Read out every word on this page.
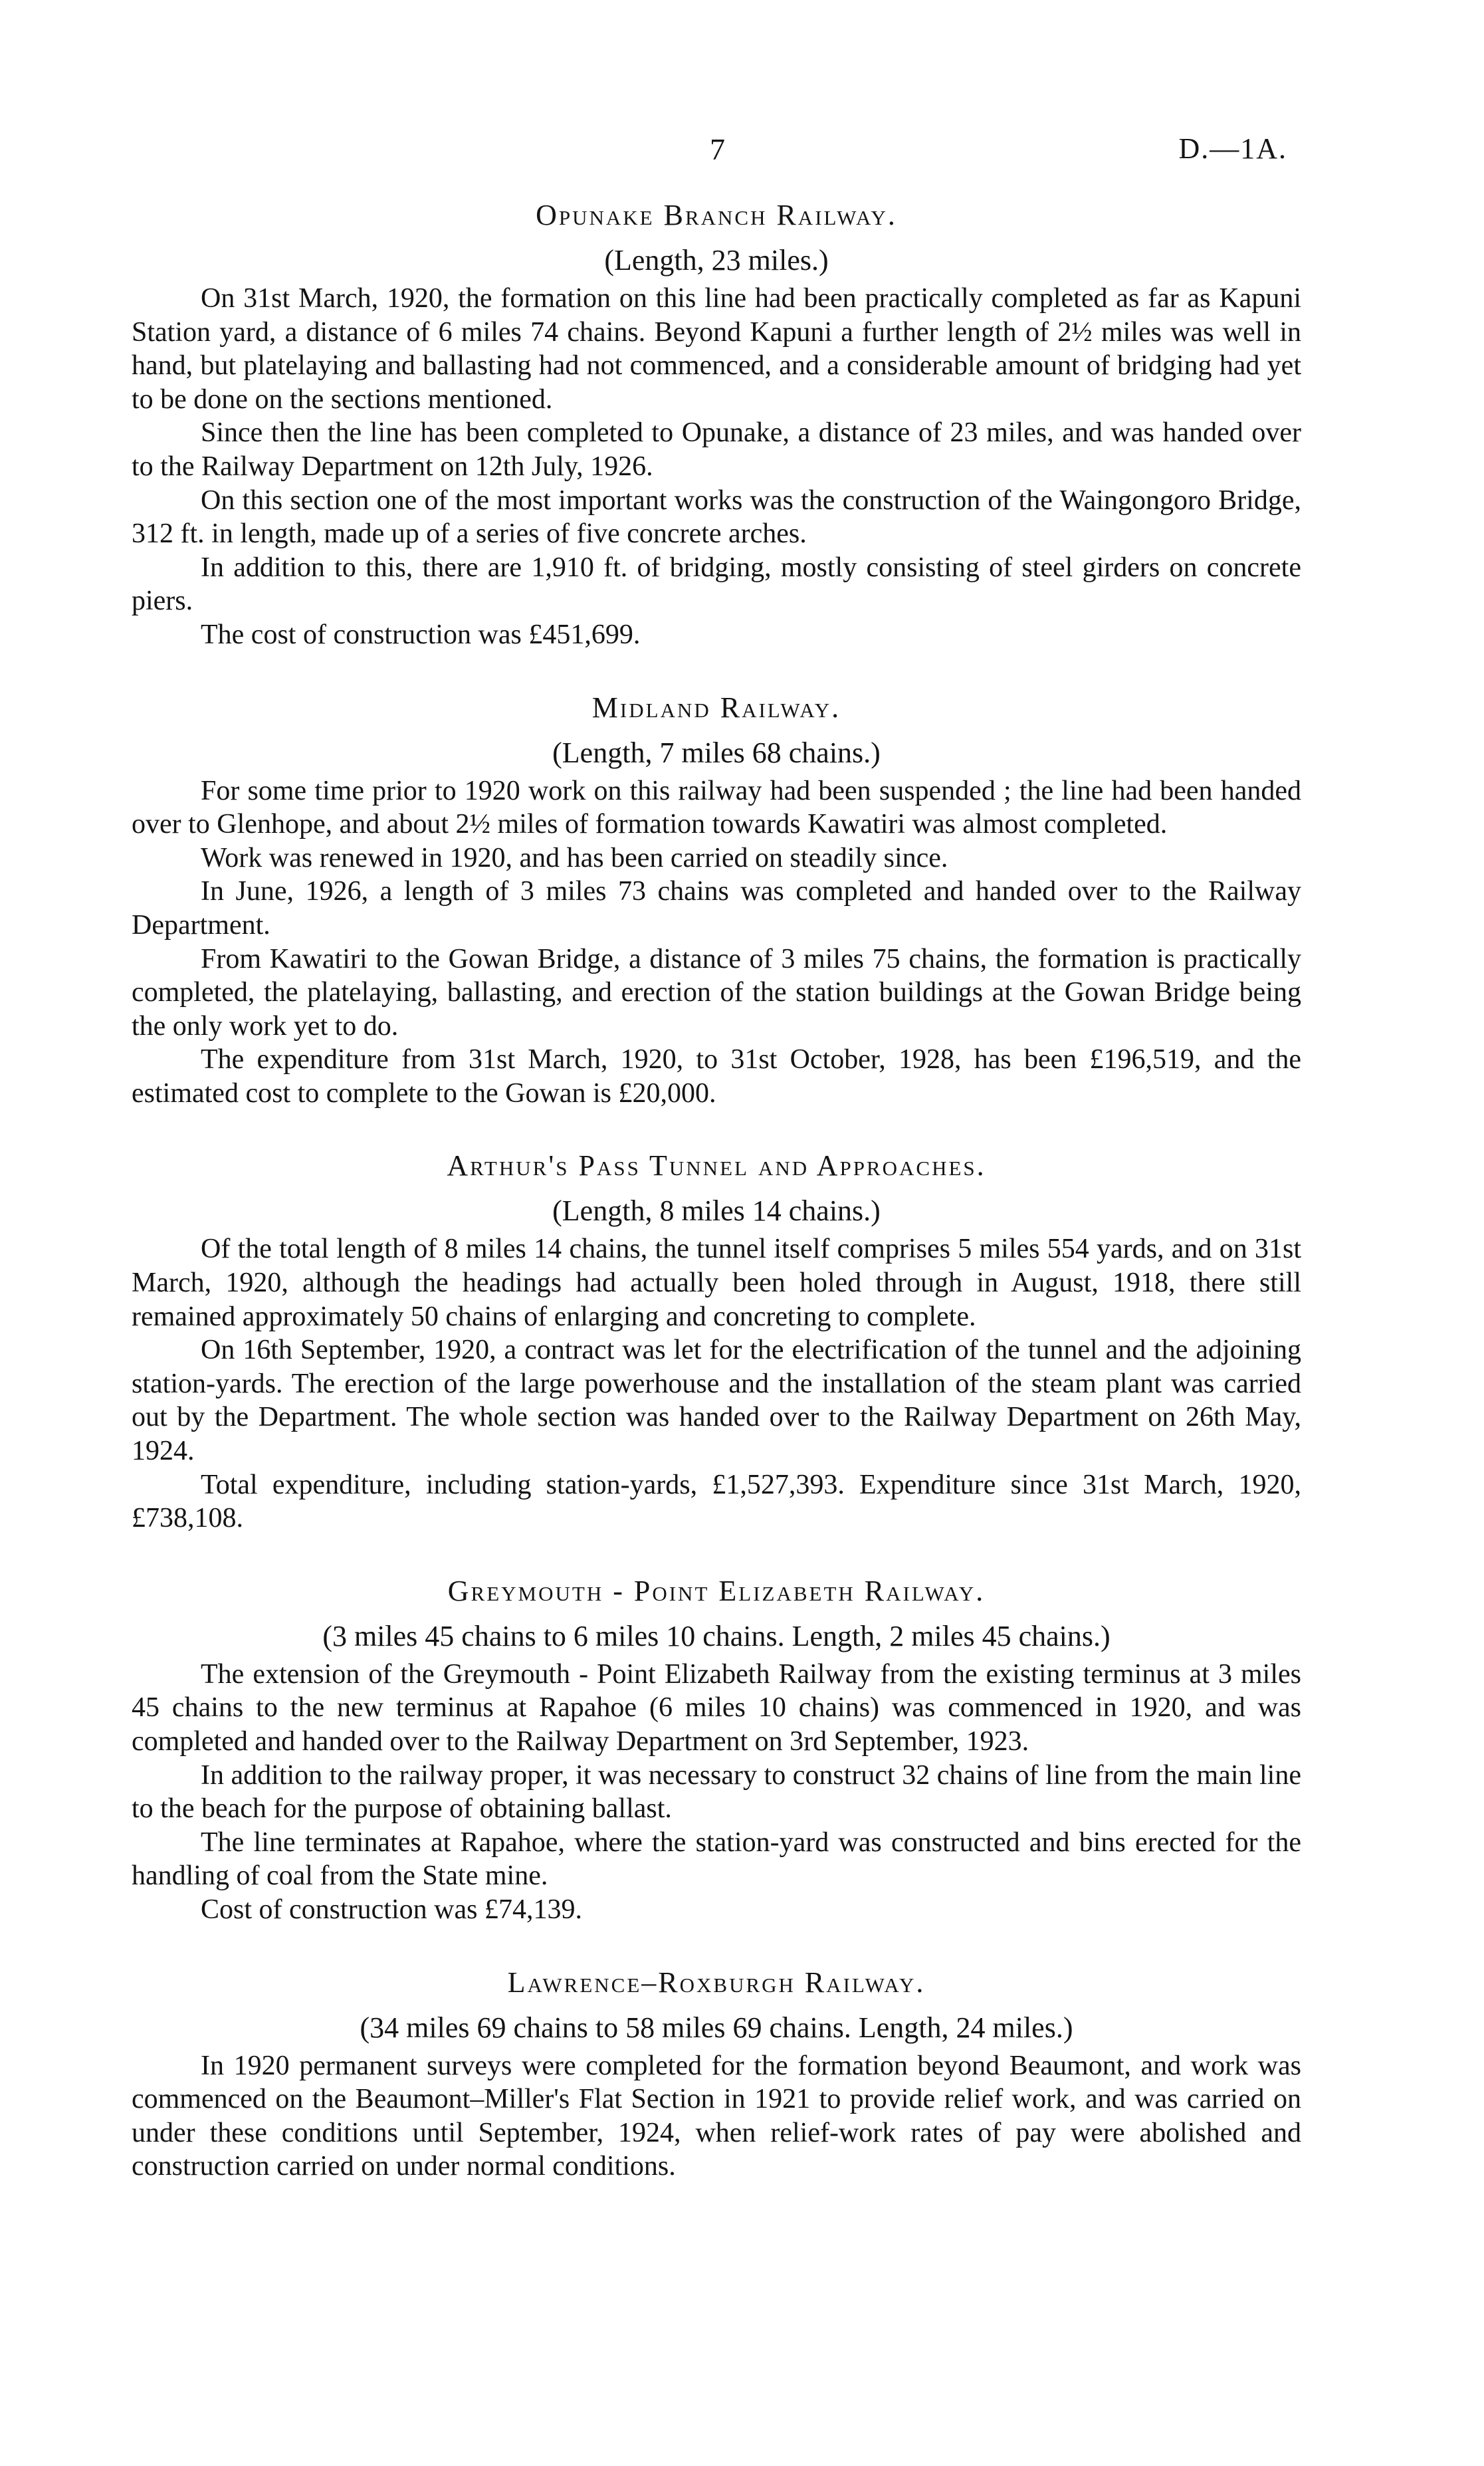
7	D.—1A.
Opunake Branch Railway.

(Length, 23 miles.)

On 31st March, 1920, the formation on this line had been practically completed as far as Kapuni Station yard, a distance of 6 miles 74 chains. Beyond Kapuni a further length of 2½ miles was well in hand, but platelaying and ballasting had not commenced, and a considerable amount of bridging had yet to be done on the sections mentioned.

Since then the line has been completed to Opunake, a distance of 23 miles, and was handed over to the Railway Department on 12th July, 1926.

On this section one of the most important works was the construction of the Waingongoro Bridge, 312 ft. in length, made up of a series of five concrete arches.

In addition to this, there are 1,910 ft. of bridging, mostly consisting of steel girders on concrete piers.

The cost of construction was £451,699.

Midland Railway.

(Length, 7 miles 68 chains.)

For some time prior to 1920 work on this railway had been suspended ; the line had been handed over to Glenhope, and about 2½ miles of formation towards Kawatiri was almost completed.

Work was renewed in 1920, and has been carried on steadily since.

In June, 1926, a length of 3 miles 73 chains was completed and handed over to the Railway Department.

From Kawatiri to the Gowan Bridge, a distance of 3 miles 75 chains, the formation is practically completed, the platelaying, ballasting, and erection of the station buildings at the Gowan Bridge being the only work yet to do.

The expenditure from 31st March, 1920, to 31st October, 1928, has been £196,519, and the estimated cost to complete to the Gowan is £20,000.

Arthur's Pass Tunnel and Approaches.

(Length, 8 miles 14 chains.)

Of the total length of 8 miles 14 chains, the tunnel itself comprises 5 miles 554 yards, and on 31st March, 1920, although the headings had actually been holed through in August, 1918, there still remained approximately 50 chains of enlarging and concreting to complete.

On 16th September, 1920, a contract was let for the electrification of the tunnel and the adjoining station-yards. The erection of the large powerhouse and the installation of the steam plant was carried out by the Department. The whole section was handed over to the Railway Department on 26th May, 1924.

Total expenditure, including station-yards, £1,527,393. Expenditure since 31st March, 1920, £738,108.

Greymouth - Point Elizabeth Railway.

(3 miles 45 chains to 6 miles 10 chains. Length, 2 miles 45 chains.)

The extension of the Greymouth - Point Elizabeth Railway from the existing terminus at 3 miles 45 chains to the new terminus at Rapahoe (6 miles 10 chains) was commenced in 1920, and was completed and handed over to the Railway Department on 3rd September, 1923.

In addition to the railway proper, it was necessary to construct 32 chains of line from the main line to the beach for the purpose of obtaining ballast.

The line terminates at Rapahoe, where the station-yard was constructed and bins erected for the handling of coal from the State mine.

Cost of construction was £74,139.

Lawrence–Roxburgh Railway.

(34 miles 69 chains to 58 miles 69 chains. Length, 24 miles.)

In 1920 permanent surveys were completed for the formation beyond Beaumont, and work was commenced on the Beaumont–Miller's Flat Section in 1921 to provide relief work, and was carried on under these conditions until September, 1924, when relief-work rates of pay were abolished and construction carried on under normal conditions.
